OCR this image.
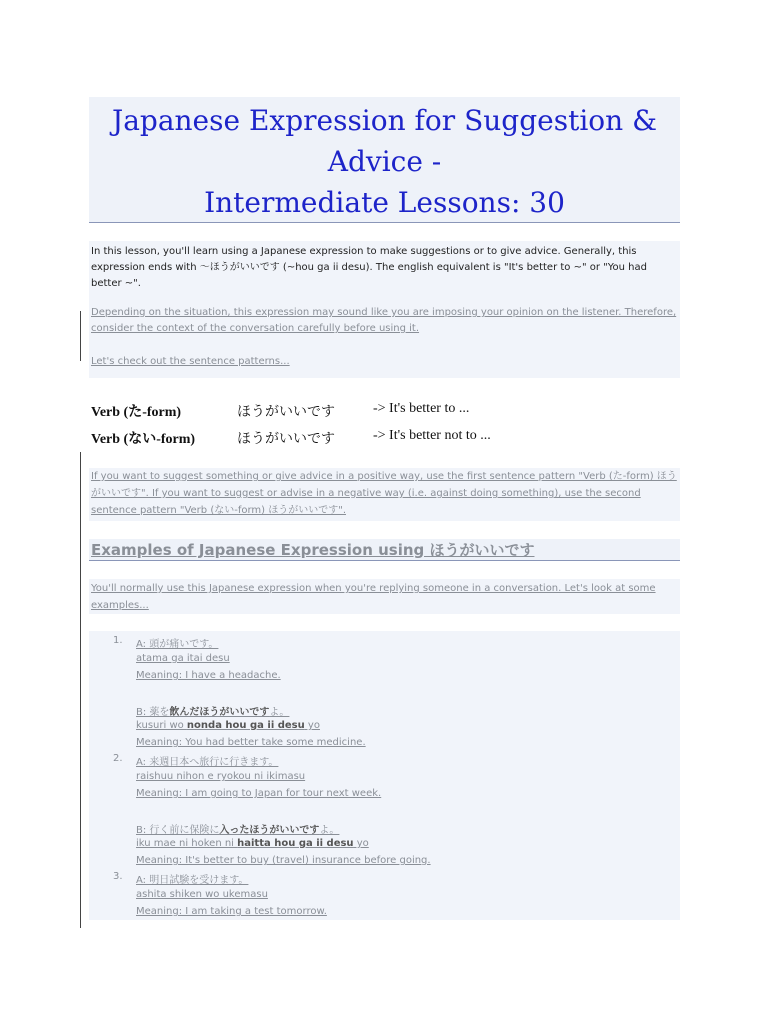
Japanese Expression for Suggestion &

Advice -

Intermediate Lessons: 30

In this lesson, you'll learn using a Japanese expression to make suggestions or to give advice. Generally, this expression ends with ～ほうがいいです (~hou ga ii desu). The english equivalent is "It's better to ~" or "You had better ~".

Depending on the situation, this expression may sound like you are imposing your opinion on the listener. Therefore, consider the context of the conversation carefully before using it.

Let's check out the sentence patterns...

Verb (た-form)	ほうがいいです	-> It's better to ...
Verb (ない-form)	ほうがいいです	-> It's better not to ...

If you want to suggest something or give advice in a positive way, use the first sentence pattern "Verb (た-form) ほうがいいです". If you want to suggest or advise in a negative way (i.e. against doing something), use the second sentence pattern "Verb (ない-form) ほうがいいです".

Examples of Japanese Expression using ほうがいいです

You'll normally use this Japanese expression when you're replying someone in a conversation. Let's look at some examples...

1. A: 頭が痛いです。
atama ga itai desu
Meaning: I have a headache.
B: 薬を飲んだほうがいいですよ。
kusuri wo nonda hou ga ii desu yo
Meaning: You had better take some medicine.
2. A: 来週日本へ旅行に行きます。
raishuu nihon e ryokou ni ikimasu
Meaning: I am going to Japan for tour next week.
B: 行く前に保険に入ったほうがいいですよ。
iku mae ni hoken ni haitta hou ga ii desu yo
Meaning: It's better to buy (travel) insurance before going.
3. A: 明日試験を受けます。
ashita shiken wo ukemasu
Meaning: I am taking a test tomorrow.
